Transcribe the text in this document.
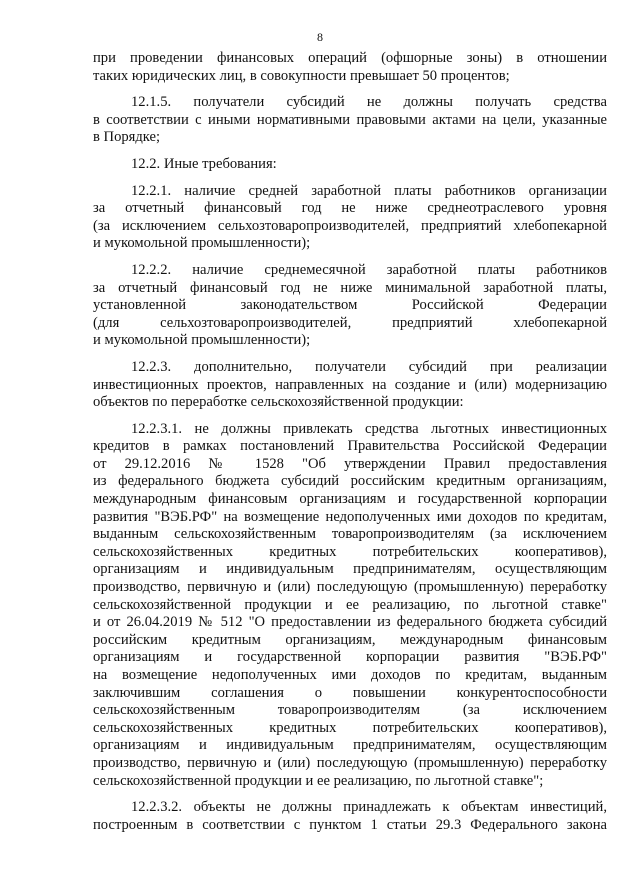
8
при проведении финансовых операций (офшорные зоны) в отношении
таких юридических лиц, в совокупности превышает 50 процентов;
12.1.5. получатели субсидий не должны получать средства
в соответствии с иными нормативными правовыми актами на цели, указанные
в Порядке;
12.2. Иные требования:
12.2.1. наличие средней заработной платы работников организации
за отчетный финансовый год не ниже среднеотраслевого уровня
(за исключением сельхозтоваропроизводителей, предприятий хлебопекарной
и мукомольной промышленности);
12.2.2. наличие среднемесячной заработной платы работников
за отчетный финансовый год не ниже минимальной заработной платы,
установленной законодательством Российской Федерации
(для сельхозтоваропроизводителей, предприятий хлебопекарной
и мукомольной промышленности);
12.2.3. дополнительно, получатели субсидий при реализации
инвестиционных проектов, направленных на создание и (или) модернизацию
объектов по переработке сельскохозяйственной продукции:
12.2.3.1. не должны привлекать средства льготных инвестиционных
кредитов в рамках постановлений Правительства Российской Федерации
от 29.12.2016 № 1528 "Об утверждении Правил предоставления
из федерального бюджета субсидий российским кредитным организациям,
международным финансовым организациям и государственной корпорации
развития "ВЭБ.РФ" на возмещение недополученных ими доходов по кредитам,
выданным сельскохозяйственным товаропроизводителям (за исключением
сельскохозяйственных кредитных потребительских кооперативов),
организациям и индивидуальным предпринимателям, осуществляющим
производство, первичную и (или) последующую (промышленную) переработку
сельскохозяйственной продукции и ее реализацию, по льготной ставке"
и от 26.04.2019 № 512 "О предоставлении из федерального бюджета субсидий
российским кредитным организациям, международным финансовым
организациям и государственной корпорации развития "ВЭБ.РФ"
на возмещение недополученных ими доходов по кредитам, выданным
заключившим соглашения о повышении конкурентоспособности
сельскохозяйственным товаропроизводителям (за исключением
сельскохозяйственных кредитных потребительских кооперативов),
организациям и индивидуальным предпринимателям, осуществляющим
производство, первичную и (или) последующую (промышленную) переработку
сельскохозяйственной продукции и ее реализацию, по льготной ставке";
12.2.3.2. объекты не должны принадлежать к объектам инвестиций,
построенным в соответствии с пунктом 1 статьи 29.3 Федерального закона
